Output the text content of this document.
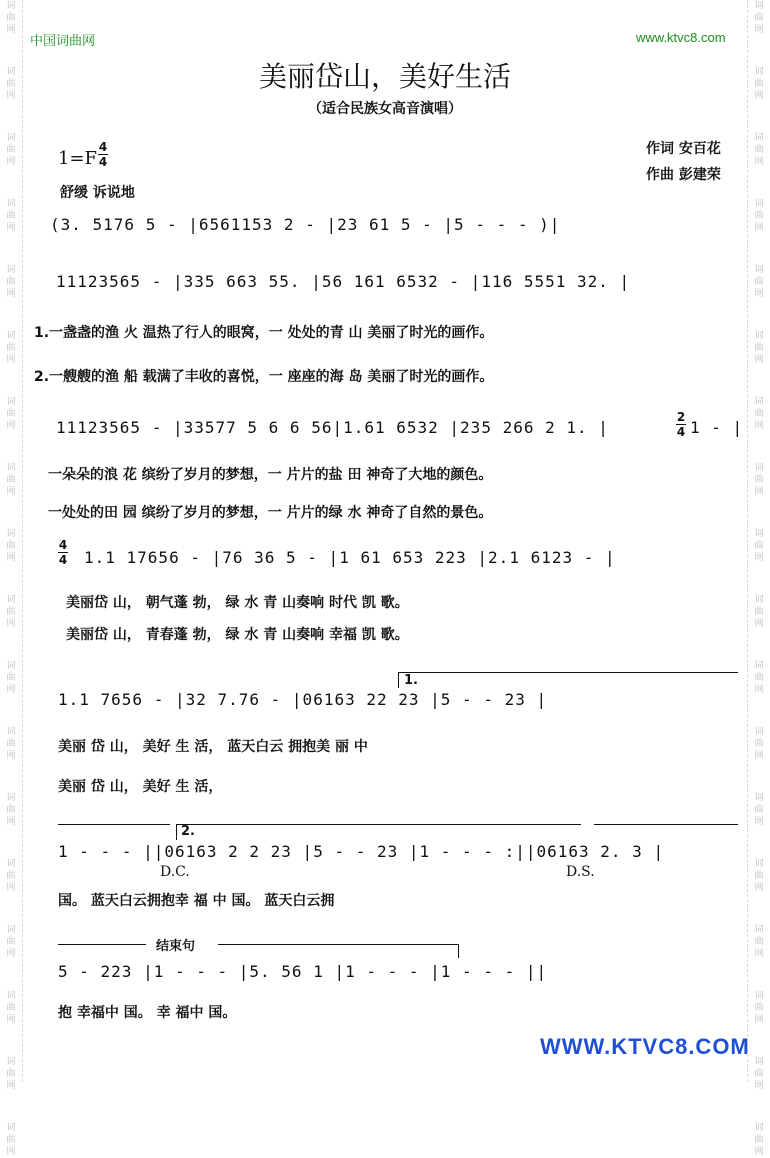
词
曲
网
词
曲
网
词
曲
网
词
曲
网
词
曲
网
词
曲
网
词
曲
网
词
曲
网
词
曲
网
词
曲
网
词
曲
网
词
曲
网
词
曲
网
词
曲
网
词
曲
网
词
曲
网
词
曲
网
词
曲
网
词
曲
网
词
曲
网
词
曲
网
词
曲
网
词
曲
网
词
曲
网
词
曲
网
词
曲
网
词
曲
网
词
曲
网
词
曲
网
词
曲
网
词
曲
网
词
曲
网
词
曲
网
词
曲
网
词
曲
网
词
曲
网
中国词曲网	www.ktvc8.com
美丽岱山，美好生活
（适合民族女高音演唱）
1=F
4
4
舒缓 诉说地
作词 安百花
作曲 彭建荣
(3. 5176 5 - |6561153 2 - |23 61 5 - |5 - - - )|
11123565 - |335 663 55. |56 161 6532 - |116 5551 32. |
1.一盏盏的渔 火 温热了行人的眼窝，一 处处的青 山 美丽了时光的画作。
2.一艘艘的渔 船 载满了丰收的喜悦，一 座座的海 岛 美丽了时光的画作。
11123565 - |33577 5 6 6 56|1.61 6532 |235 266 2 1. |
2
4 1 - |
一朵朵的浪 花 缤纷了岁月的梦想，一 片片的盐 田 神奇了大地的颜色。
一处处的田 园 缤纷了岁月的梦想，一 片片的绿 水 神奇了自然的景色。
4
4 1.1 17656 - |76 36 5 - |1 61 653 223 |2.1 6123 - |
美丽岱 山， 朝气蓬 勃， 绿 水 青 山奏响 时代 凯 歌。
美丽岱 山， 青春蓬 勃， 绿 水 青 山奏响 幸福 凯 歌。
1.
1.1 7656 - |32 7.76 - |06163 22 23 |5 - - 23 |
美丽 岱 山， 美好 生 活， 蓝天白云 拥抱美 丽 中
美丽 岱 山， 美好 生 活，
2.
1 - - - ||06163 2 2 23 |5 - - 23 |1 - - - :||06163 2. 3 |
D.C.	D.S.
国。 蓝天白云拥抱幸 福 中 国。 蓝天白云拥
结束句
5 - 223 |1 - - - |5. 56 1 |1 - - - |1 - - - ||
抱 幸福中 国。 幸 福中 国。
WWW.KTVC8.COM
